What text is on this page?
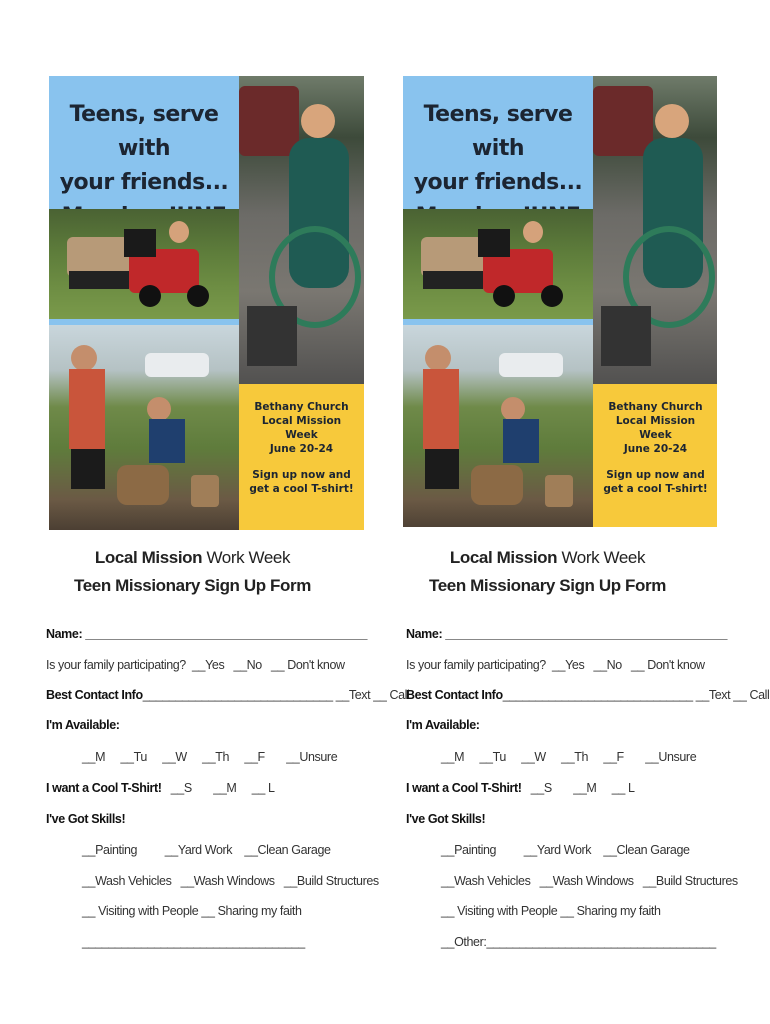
Teens, serve with
your friends...
Bethany Church
Local Mission Week
June 20-24
Sign up now and
get a cool T-shirt!
Local Mission Work Week
Teen Missionary Sign Up Form
Name: ___________________________________________
Is your family participating?  __Yes   __No   __ Don't know
Best Contact Info_____________________________ __Text __ Call
I'm Available:
__M     __Tu     __W     __Th     __F       __Unsure
I want a Cool T-Shirt!   __S       __M     __ L
I've Got Skills!
__Painting         __Yard Work    __Clean Garage
__Wash Vehicles   __Wash Windows   __Build Structures
__ Visiting with People __ Sharing my faith
__________________________________
Teens, serve with
your friends...
Bethany Church
Local Mission Week
June 20-24
Sign up now and
get a cool T-shirt!
Local Mission Work Week
Teen Missionary Sign Up Form
Name: ___________________________________________
Is your family participating?  __Yes   __No   __ Don't know
Best Contact Info_____________________________ __Text __ Call
I'm Available:
__M     __Tu     __W     __Th     __F       __Unsure
I want a Cool T-Shirt!   __S       __M     __ L
I've Got Skills!
__Painting         __Yard Work    __Clean Garage
__Wash Vehicles   __Wash Windows   __Build Structures
__ Visiting with People __ Sharing my faith
__Other:___________________________________
